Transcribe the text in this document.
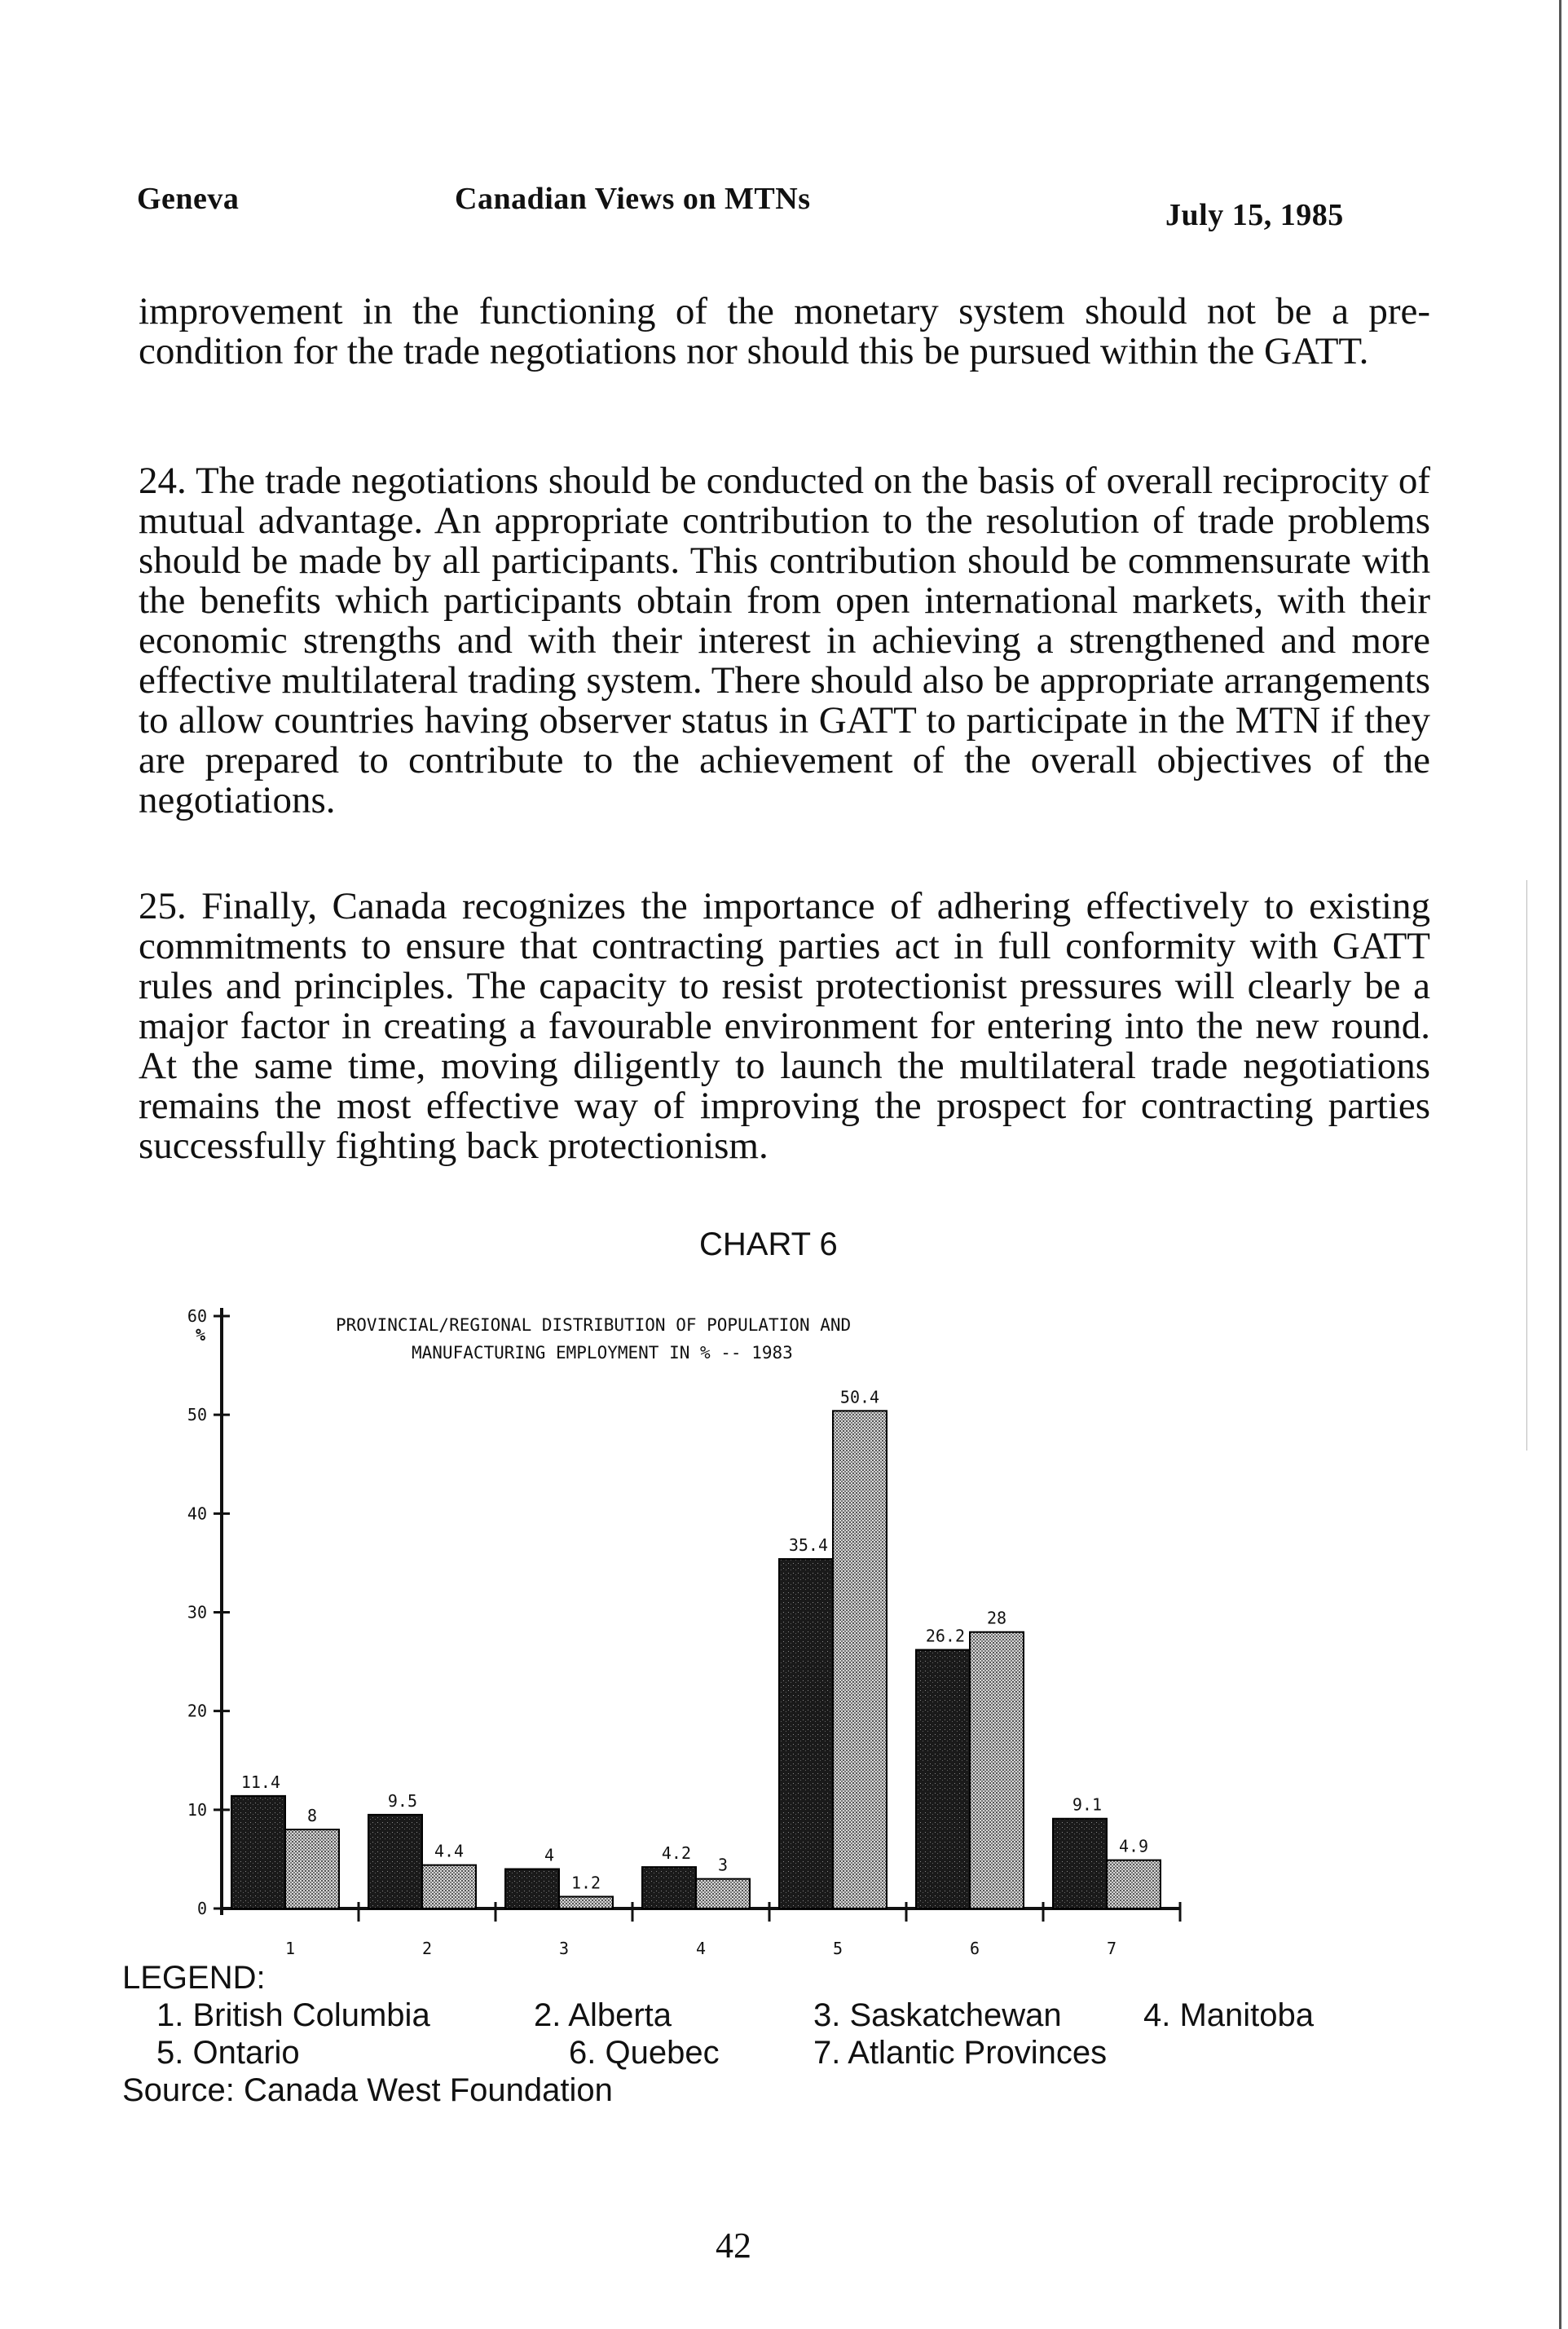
Geneva	Canadian Views on MTNs	July 15, 1985
improvement in the functioning of the monetary system should not be a pre-condition for the trade negotiations nor should this be pursued within the GATT.
24. The trade negotiations should be conducted on the basis of overall reciprocity of mutual advantage. An appropriate contribution to the resolution of trade problems should be made by all participants. This contribution should be commensurate with the benefits which participants obtain from open international markets, with their economic strengths and with their interest in achieving a strengthened and more effective multilateral trading system. There should also be appropriate arrangements to allow countries having observer status in GATT to participate in the MTN if they are prepared to contribute to the achievement of the overall objectives of the negotiations.
25. Finally, Canada recognizes the importance of adhering effectively to existing commitments to ensure that contracting parties act in full conformity with GATT rules and principles. The capacity to resist protectionist pressures will clearly be a major factor in creating a favourable environment for entering into the new round. At the same time, moving diligently to launch the multilateral trade negotiations remains the most effective way of improving the prospect for contracting parties successfully fighting back protectionism.
CHART 6
0
10
20
30
40
50
60
%	PROVINCIAL/REGIONAL DISTRIBUTION OF POPULATION AND
MANUFACTURING EMPLOYMENT IN % -- 1983
1	2	3	4	5	6	7
11.4
8
9.5
4.4	4
1.2
4.2
3
35.4
50.4
26.2
28
9.1
4.9
LEGEND:
1. British Columbia	2. Alberta	3. Saskatchewan	4. Manitoba
5. Ontario	6. Quebec	7. Atlantic Provinces
Source: Canada West Foundation
42
